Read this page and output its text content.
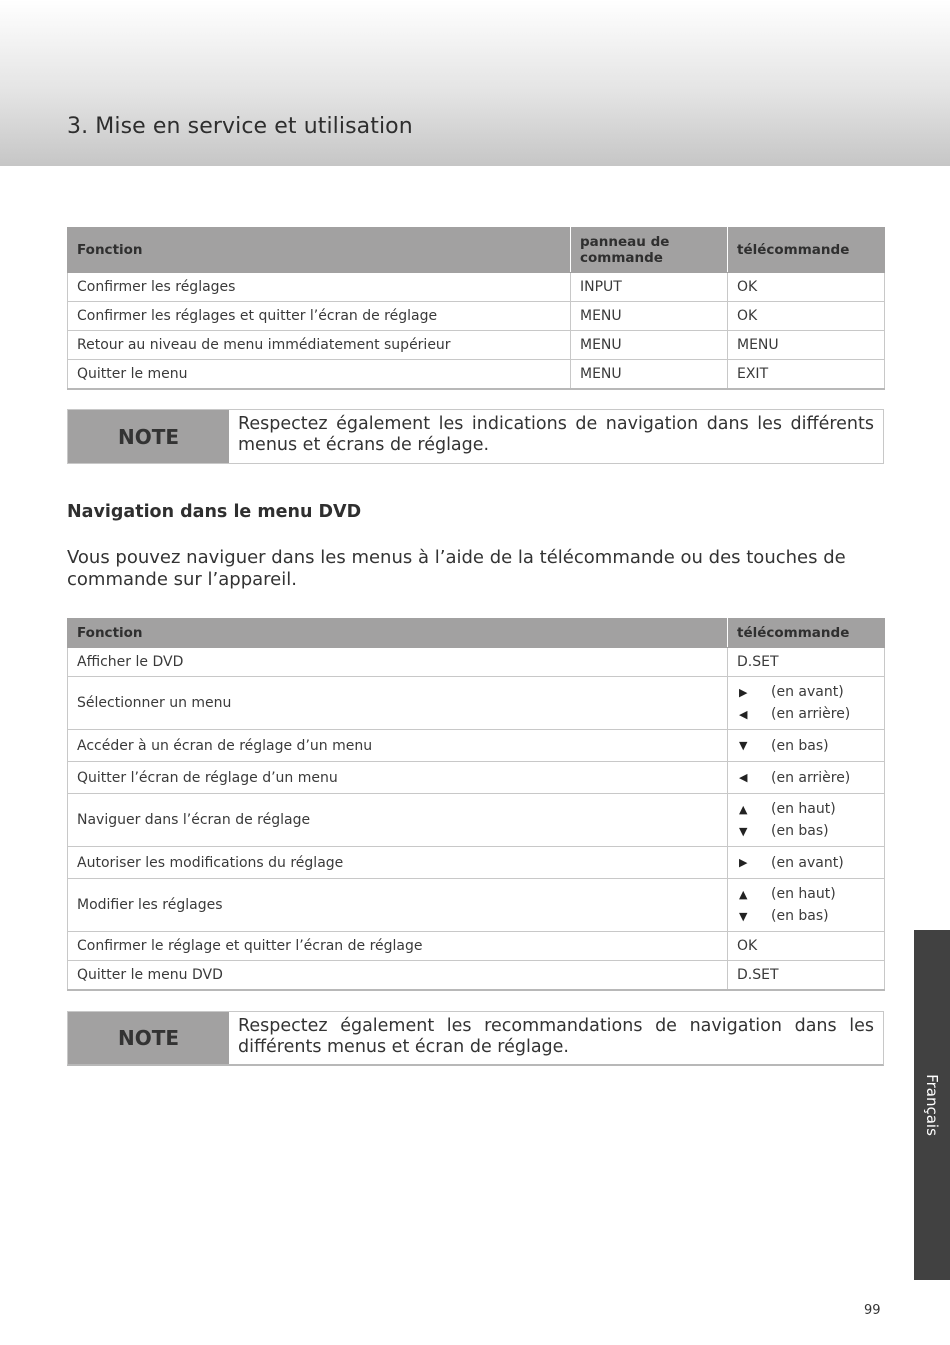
3. Mise en service et utilisation
Fonction	panneau de commande	télécommande
Confirmer les réglages	INPUT	OK
Confirmer les réglages et quitter l’écran de réglage	MENU	OK
Retour au niveau de menu immédiatement supérieur	MENU	MENU
Quitter le menu	MENU	EXIT
NOTE
Respectez également les indications de navigation dans les différents menus et écrans de réglage.
Navigation dans le menu DVD

Vous pouvez naviguer dans les menus à l’aide de la télécommande ou des touches de commande sur l’appareil.

Fonction	télécommande
Afficher le DVD	D.SET
Sélectionner un menu	▶ (en avant)
◀ (en arrière)

Accéder à un écran de réglage d’un menu	▼ (en bas)

Quitter l’écran de réglage d’un menu	◀ (en arrière)

Naviguer dans l’écran de réglage	▲ (en haut)
▼ (en bas)

Autoriser les modifications du réglage	▶ (en avant)

Modifier les réglages	▲ (en haut)
▼ (en bas)

Confirmer le réglage et quitter l’écran de réglage	OK
Quitter le menu DVD	D.SET
NOTE	Respectez également les recommandations de navigation dans les différents menus et écran de réglage.
Français
99
